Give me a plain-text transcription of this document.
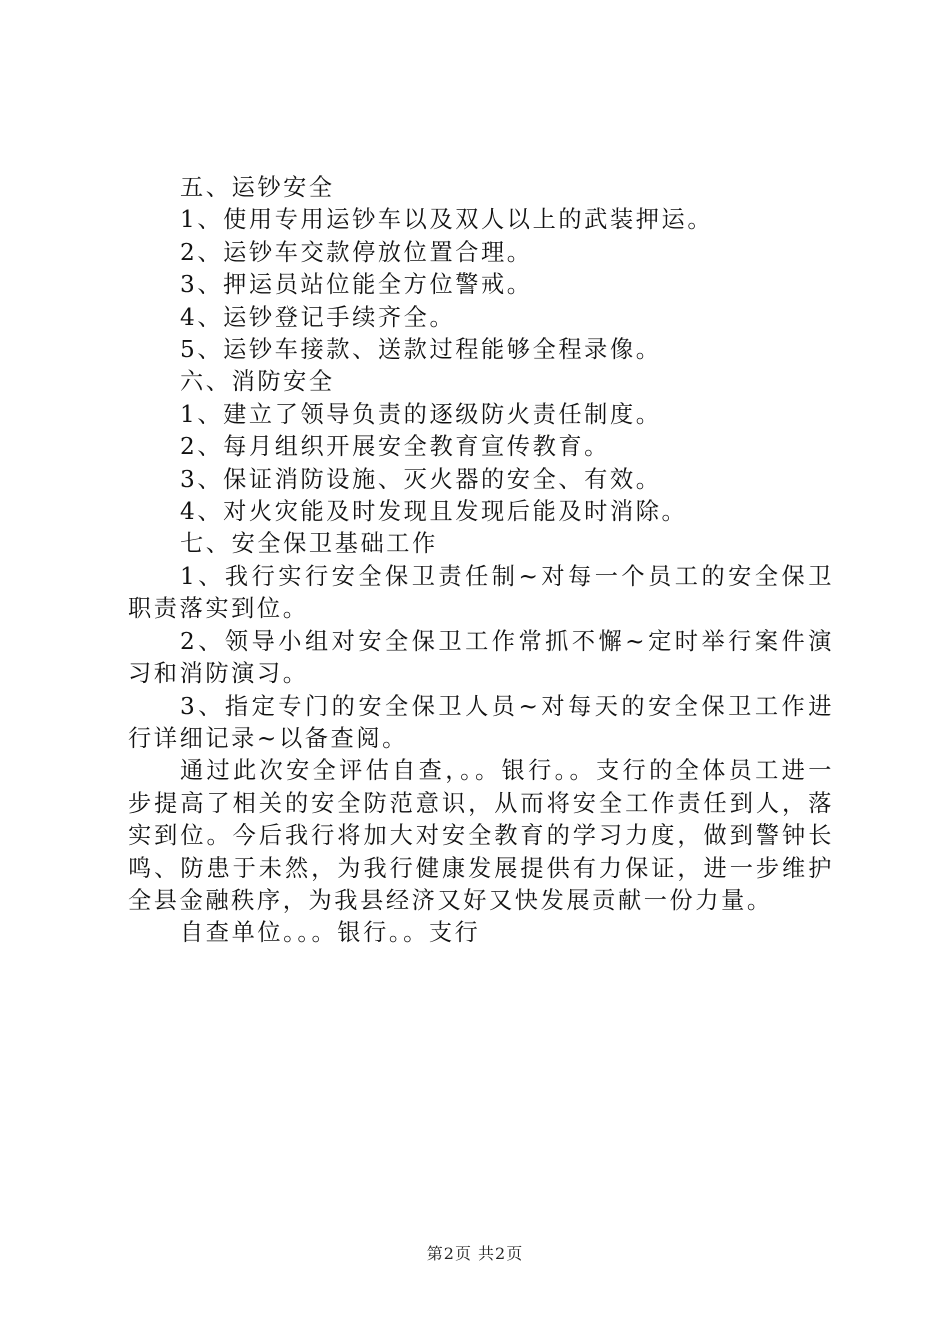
五、运钞安全

1、使用专用运钞车以及双人以上的武装押运。

2、运钞车交款停放位置合理。

3、押运员站位能全方位警戒。

4、运钞登记手续齐全。

5、运钞车接款、送款过程能够全程录像。

六、消防安全

1、建立了领导负责的逐级防火责任制度。

2、每月组织开展安全教育宣传教育。

3、保证消防设施、灭火器的安全、有效。

4、对火灾能及时发现且发现后能及时消除。

七、安全保卫基础工作

1、我行实行安全保卫责任制~对每一个员工的安全保卫职责落实到位。

2、领导小组对安全保卫工作常抓不懈~定时举行案件演习和消防演习。

3、指定专门的安全保卫人员~对每天的安全保卫工作进行详细记录~以备查阅。

通过此次安全评估自查，。。银行。。支行的全体员工进一步提高了相关的安全防范意识，从而将安全工作责任到人，落实到位。今后我行将加大对安全教育的学习力度，做到警钟长鸣、防患于未然，为我行健康发展提供有力保证，进一步维护全县金融秩序，为我县经济又好又快发展贡献一份力量。

自查单位。。。银行。。支行

第2页 共2页
